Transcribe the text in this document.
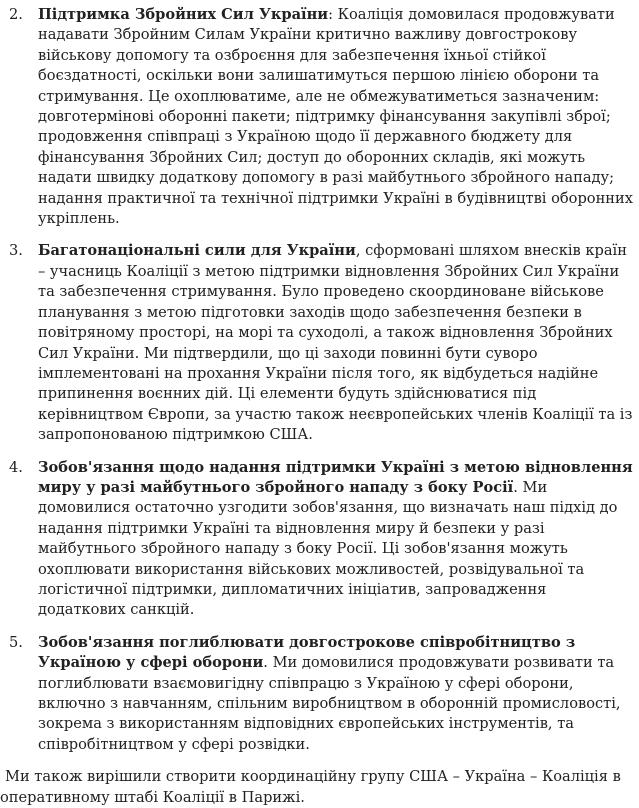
2.	Підтримка Збройних Сил України: Коаліція домовилася продовжувати надавати Збройним Силам України критично важливу довгострокову військову допомогу та озброєння для забезпечення їхньої стійкої боєздатності, оскільки вони залишатимуться першою лінією оборони та стримування. Це охоплюватиме, але не обмежуватиметься зазначеним: довготермінові оборонні пакети; підтримку фінансування закупівлі зброї; продовження співпраці з Україною щодо її державного бюджету для фінансування Збройних Сил; доступ до оборонних складів, які можуть надати швидку додаткову допомогу в разі майбутнього збройного нападу; надання практичної та технічної підтримки Україні в будівництві оборонних укріплень.
3.	Багатонаціональні сили для України, сформовані шляхом внесків країн – учасниць Коаліції з метою підтримки відновлення Збройних Сил України та забезпечення стримування. Було проведено скоординоване військове планування з метою підготовки заходів щодо забезпечення безпеки в повітряному просторі, на морі та суходолі, а також відновлення Збройних Сил України. Ми підтвердили, що ці заходи повинні бути суворо імплементовані на прохання України після того, як відбудеться надійне припинення воєнних дій. Ці елементи будуть здійснюватися під керівництвом Європи, за участю також неєвропейських членів Коаліції та із запропонованою підтримкою США.
4.	Зобов'язання щодо надання підтримки Україні з метою відновлення миру у разі майбутнього збройного нападу з боку Росії. Ми домовилися остаточно узгодити зобов'язання, що визначать наш підхід до надання підтримки Україні та відновлення миру й безпеки у разі майбутнього збройного нападу з боку Росії. Ці зобов'язання можуть охоплювати використання військових можливостей, розвідувальної та логістичної підтримки, дипломатичних ініціатив, запровадження додаткових санкцій.
5.	Зобов'язання поглиблювати довгострокове співробітництво з Україною у сфері оборони. Ми домовилися продовжувати розвивати та поглиблювати взаємовигідну співпрацю з Україною у сфері оборони, включно з навчанням, спільним виробництвом в оборонній промисловості, зокрема з використанням відповідних європейських інструментів, та співробітництвом у сфері розвідки.

Ми також вирішили створити координаційну групу США – Україна – Коаліція в оперативному штабі Коаліції в Парижі.
